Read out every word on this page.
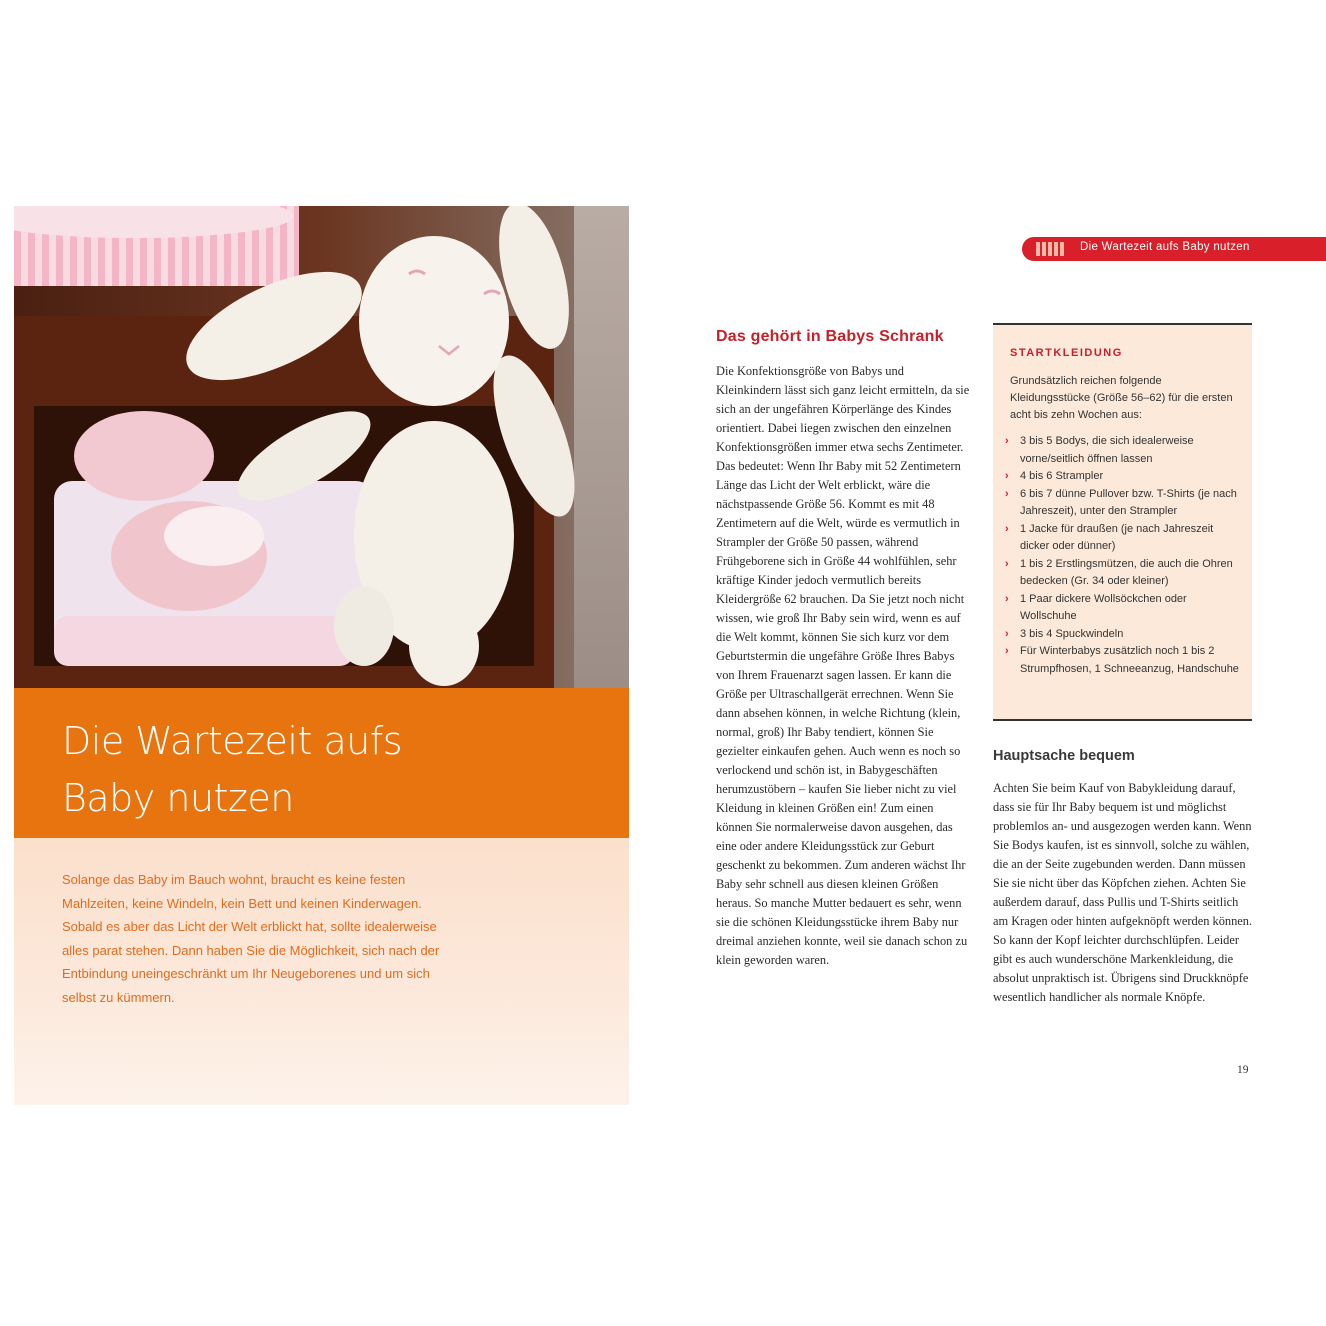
Die Wartezeit aufs
Baby nutzen

Solange das Baby im Bauch wohnt, braucht es keine festen Mahlzeiten, keine Windeln, kein Bett und keinen Kinderwagen. Sobald es aber das Licht der Welt erblickt hat, sollte idealerweise alles parat stehen. Dann haben Sie die Möglichkeit, sich nach der Entbindung uneingeschränkt um Ihr Neugeborenes und um sich selbst zu kümmern.

Die Wartezeit aufs Baby nutzen

Das gehört in Babys Schrank

Die Konfektionsgröße von Babys und Kleinkindern lässt sich ganz leicht ermitteln, da sie sich an der ungefähren Körperlänge des Kindes orientiert. Dabei liegen zwischen den einzelnen Konfektionsgrößen immer etwa sechs Zentimeter. Das bedeutet: Wenn Ihr Baby mit 52 Zentimetern Länge das Licht der Welt erblickt, wäre die nächstpassende Größe 56. Kommt es mit 48 Zentimetern auf die Welt, würde es vermutlich in Strampler der Größe 50 passen, während Frühgeborene sich in Größe 44 wohlfühlen, sehr kräftige Kinder jedoch vermutlich bereits Kleidergröße 62 brauchen. Da Sie jetzt noch nicht wissen, wie groß Ihr Baby sein wird, wenn es auf die Welt kommt, können Sie sich kurz vor dem Geburtstermin die ungefähre Größe Ihres Babys von Ihrem Frauenarzt sagen lassen. Er kann die Größe per Ultraschallgerät errechnen. Wenn Sie dann absehen können, in welche Richtung (klein, normal, groß) Ihr Baby tendiert, können Sie gezielter einkaufen gehen. Auch wenn es noch so verlockend und schön ist, in Babygeschäften herumzustöbern – kaufen Sie lieber nicht zu viel Kleidung in kleinen Größen ein! Zum einen können Sie normalerweise davon ausgehen, das eine oder andere Kleidungsstück zur Geburt geschenkt zu bekommen. Zum anderen wächst Ihr Baby sehr schnell aus diesen kleinen Größen heraus. So manche Mutter bedauert es sehr, wenn sie die schönen Kleidungsstücke ihrem Baby nur dreimal anziehen konnte, weil sie danach schon zu klein geworden waren.

STARTKLEIDUNG

Grundsätzlich reichen folgende Kleidungsstücke (Größe 56–62) für die ersten acht bis zehn Wochen aus:

› 3 bis 5 Bodys, die sich idealerweise vorne/seitlich öffnen lassen
› 4 bis 6 Strampler
› 6 bis 7 dünne Pullover bzw. T-Shirts (je nach Jahreszeit), unter den Strampler
› 1 Jacke für draußen (je nach Jahreszeit dicker oder dünner)
› 1 bis 2 Erstlingsmützen, die auch die Ohren bedecken (Gr. 34 oder kleiner)
› 1 Paar dickere Wollsöckchen oder Wollschuhe
› 3 bis 4 Spuckwindeln
› Für Winterbabys zusätzlich noch 1 bis 2 Strumpfhosen, 1 Schneeanzug, Handschuhe
Hauptsache bequem

Achten Sie beim Kauf von Babykleidung darauf, dass sie für Ihr Baby bequem ist und möglichst problemlos an- und ausgezogen werden kann. Wenn Sie Bodys kaufen, ist es sinnvoll, solche zu wählen, die an der Seite zugebunden werden. Dann müssen Sie sie nicht über das Köpfchen ziehen. Achten Sie außerdem darauf, dass Pullis und T-Shirts seitlich am Kragen oder hinten aufgeknöpft werden können. So kann der Kopf leichter durchschlüpfen. Leider gibt es auch wunderschöne Markenkleidung, die absolut unpraktisch ist. Übrigens sind Druckknöpfe wesentlich handlicher als normale Knöpfe.

19
